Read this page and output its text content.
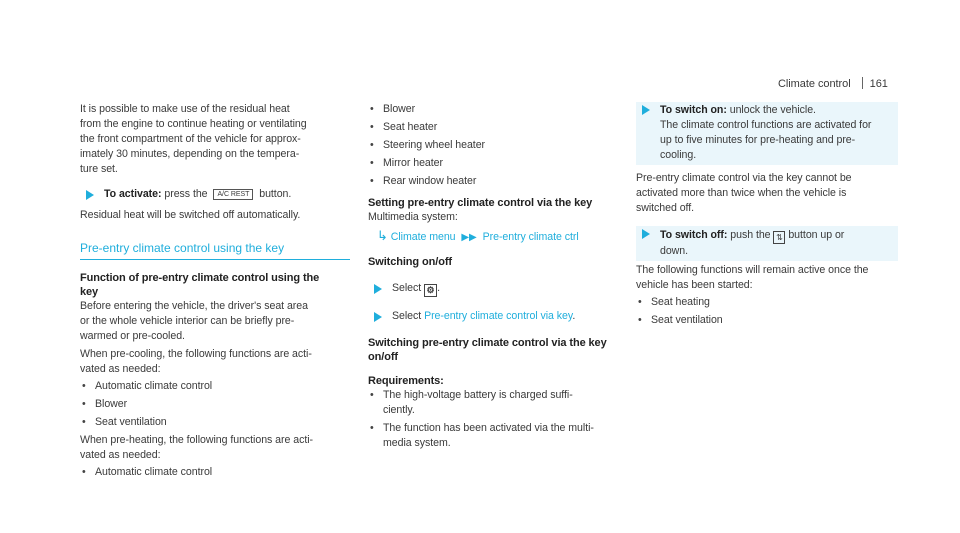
Climate control 161
It is possible to make use of the residual heat
from the engine to continue heating or ventilating
the front compartment of the vehicle for approx-
imately 30 minutes, depending on the tempera-
ture set.
To activate: press the A/C REST button.
Residual heat will be switched off automatically.
Pre-entry climate control using the key
Function of pre-entry climate control using the
key
Before entering the vehicle, the driver's seat area
or the whole vehicle interior can be briefly pre-
warmed or pre-cooled.
When pre-cooling, the following functions are acti-
vated as needed:
• Automatic climate control
• Blower
• Seat ventilation
When pre-heating, the following functions are acti-
vated as needed:
• Automatic climate control
• Blower
• Seat heater
• Steering wheel heater
• Mirror heater
• Rear window heater
Setting pre-entry climate control via the key
Multimedia system:
↳ Climate menu ▶▶ Pre-entry climate ctrl
Switching on/off
Select ⚙ .
Select Pre-entry climate control via key.
Switching pre-entry climate control via the key
on/off
Requirements:
• The high-voltage battery is charged suffi-
ciently.
• The function has been activated via the multi-
media system.
To switch on: unlock the vehicle.
The climate control functions are activated for
up to five minutes for pre-heating and pre-
cooling.
Pre-entry climate control via the key cannot be
activated more than twice when the vehicle is
switched off.
To switch off: push the ⇅ button up or
down.
The following functions will remain active once the
vehicle has been started:
• Seat heating
• Seat ventilation
